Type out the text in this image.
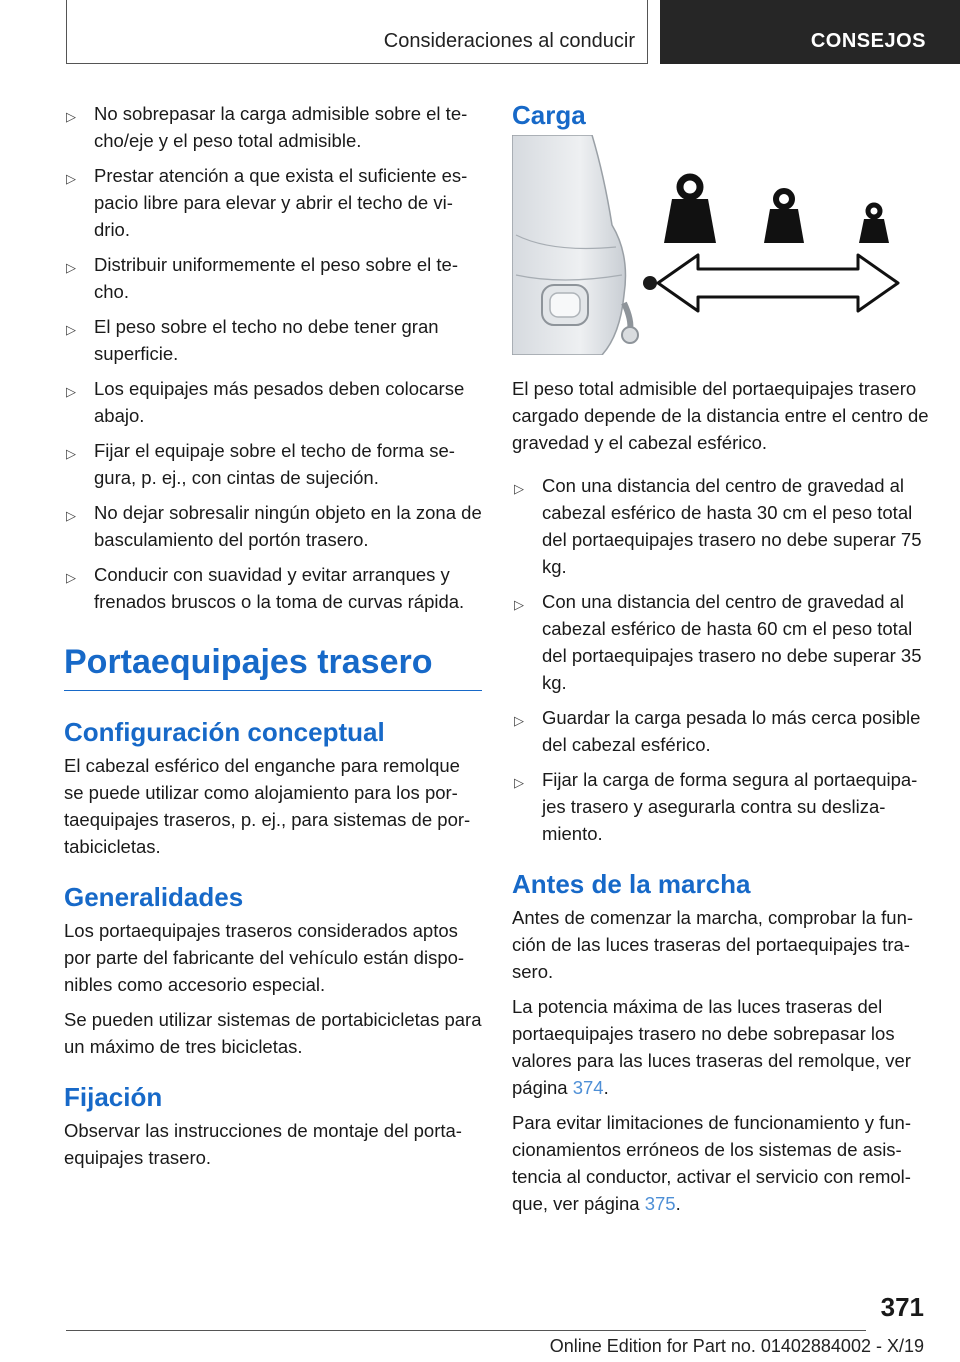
Consideraciones al conducir	CONSEJOS
▷ No sobrepasar la carga admisible sobre el te-cho/eje y el peso total admisible.
▷ Prestar atención a que exista el suficiente es-pacio libre para elevar y abrir el techo de vi-drio.
▷ Distribuir uniformemente el peso sobre el te-cho.
▷ El peso sobre el techo no debe tener gran superficie.
▷ Los equipajes más pesados deben colocarse abajo.
▷ Fijar el equipaje sobre el techo de forma se-gura, p. ej., con cintas de sujeción.
▷ No dejar sobresalir ningún objeto en la zona de basculamiento del portón trasero.
▷ Conducir con suavidad y evitar arranques y frenados bruscos o la toma de curvas rápida.
Portaequipajes trasero
Configuración conceptual

El cabezal esférico del enganche para remolque se puede utilizar como alojamiento para los por-taequipajes traseros, p. ej., para sistemas de por-tabicicletas.

Generalidades

Los portaequipajes traseros considerados aptos por parte del fabricante del vehículo están dispo-nibles como accesorio especial.

Se pueden utilizar sistemas de portabicicletas para un máximo de tres bicicletas.

Fijación

Observar las instrucciones de montaje del porta-equipajes trasero.

Carga

El peso total admisible del portaequipajes trasero cargado depende de la distancia entre el centro de gravedad y el cabezal esférico.

▷ Con una distancia del centro de gravedad al cabezal esférico de hasta 30 cm el peso total del portaequipajes trasero no debe superar 75 kg.
▷ Con una distancia del centro de gravedad al cabezal esférico de hasta 60 cm el peso total del portaequipajes trasero no debe superar 35 kg.
▷ Guardar la carga pesada lo más cerca posible del cabezal esférico.
▷ Fijar la carga de forma segura al portaequipa-jes trasero y asegurarla contra su desliza-miento.
Antes de la marcha

Antes de comenzar la marcha, comprobar la fun-ción de las luces traseras del portaequipajes tra-sero.

La potencia máxima de las luces traseras del portaequipajes trasero no debe sobrepasar los valores para las luces traseras del remolque, ver página 374.

Para evitar limitaciones de funcionamiento y fun-cionamientos erróneos de los sistemas de asis-tencia al conductor, activar el servicio con remol-que, ver página 375.

371
Online Edition for Part no. 01402884002 - X/19
